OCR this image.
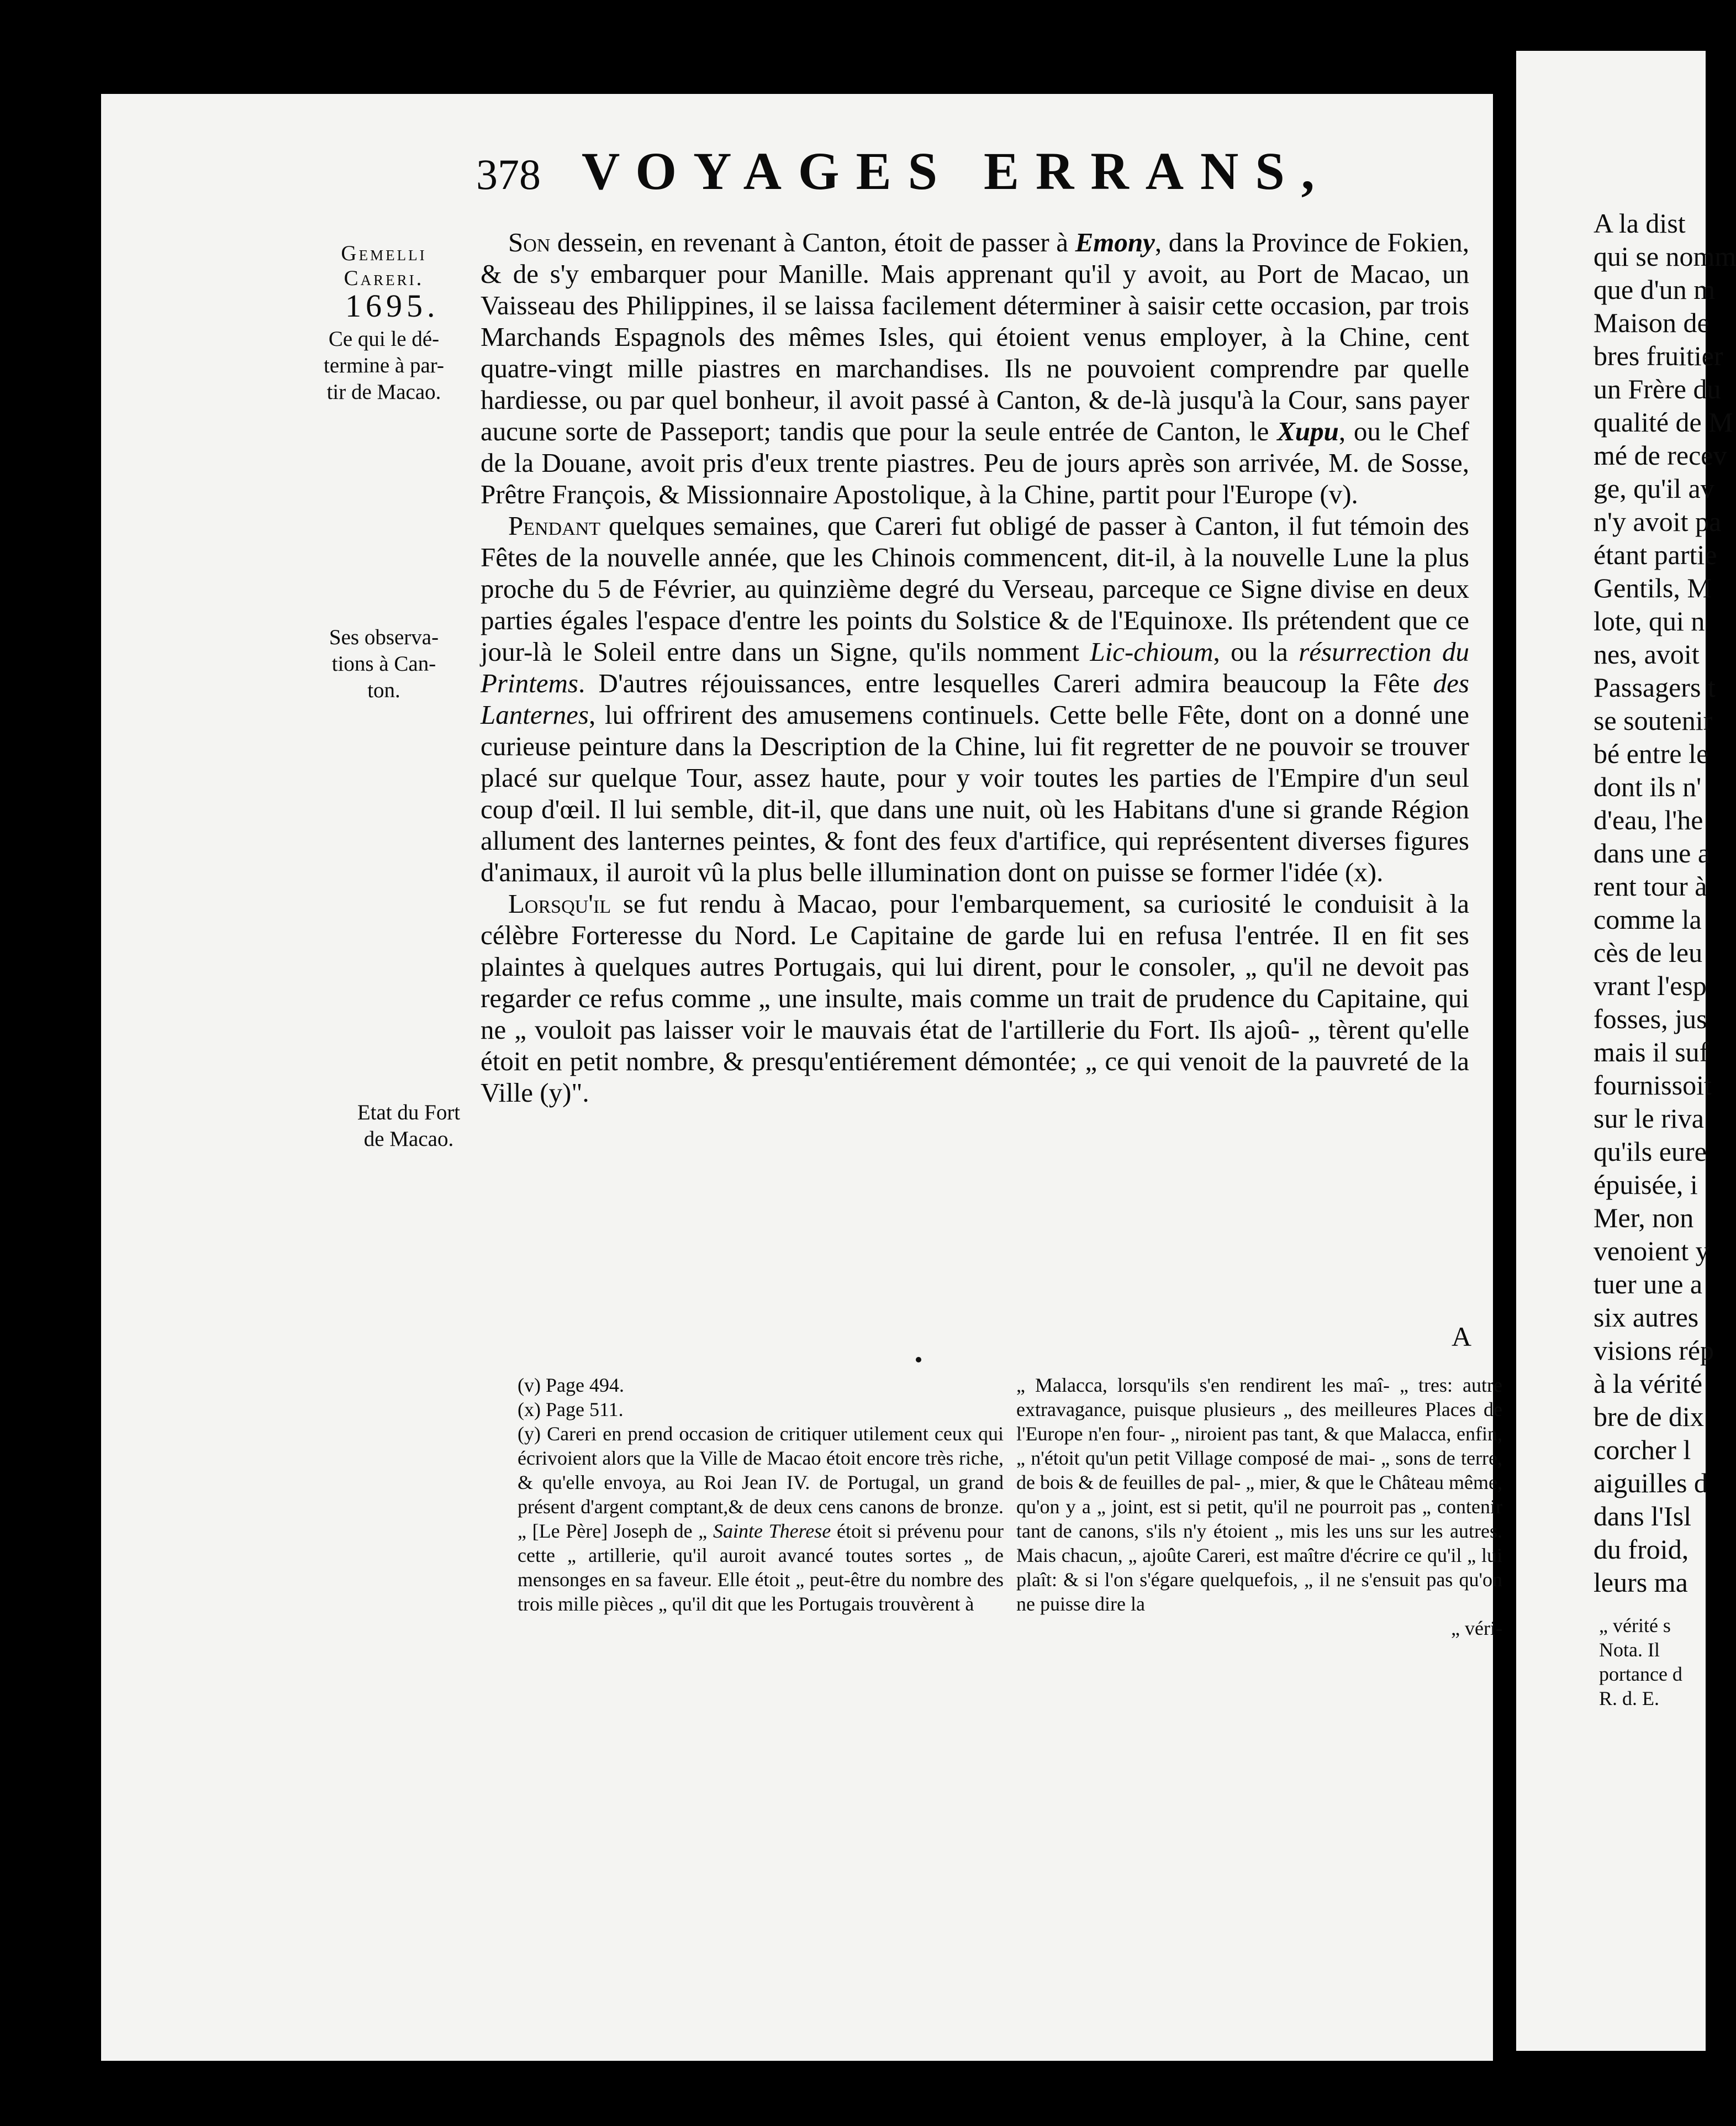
A la dist
qui se nomm
que d'un m
Maison de
bres fruitier
un Frère du
qualité de M
mé de recev
ge, qu'il av
n'y avoit pa
étant partie
Gentils, M
lote, qui n
nes, avoit
Passagers t
se soutenir
bé entre le
dont ils n'
d'eau, l'he
dans une a
rent tour à
comme la
cès de leu
vrant l'esp
fosses, jus
mais il suf
fournissoit
sur le riva
qu'ils eure
épuisée, i
Mer, non
venoient y
tuer une a
six autres
visions rép
à la vérité
bre de dix
corcher l
aiguilles d
dans l'Isl
du froid,
leurs ma
„ vérité s
Nota. Il
portance d
R. d. E.
378 VOYAGES ERRANS,
Gemelli
Careri.
1695.
Ce qui le dé-
termine à par-
tir de Macao.
Ses observa-
tions à Can-
ton.
Etat du Fort
de Macao.

Son dessein, en revenant à Canton, étoit de passer à Emony, dans la Province de Fokien, & de s'y embarquer pour Manille. Mais apprenant qu'il y avoit, au Port de Macao, un Vaisseau des Philippines, il se laissa facilement déterminer à saisir cette occasion, par trois Marchands Espagnols des mêmes Isles, qui étoient venus employer, à la Chine, cent quatre-vingt mille piastres en marchandises. Ils ne pouvoient comprendre par quelle hardiesse, ou par quel bonheur, il avoit passé à Canton, & de-là jusqu'à la Cour, sans payer aucune sorte de Passeport; tandis que pour la seule entrée de Canton, le Xupu, ou le Chef de la Douane, avoit pris d'eux trente piastres. Peu de jours après son arrivée, M. de Sosse, Prêtre François, & Missionnaire Apostolique, à la Chine, partit pour l'Europe (v).

Pendant quelques semaines, que Careri fut obligé de passer à Canton, il fut témoin des Fêtes de la nouvelle année, que les Chinois commencent, dit-il, à la nouvelle Lune la plus proche du 5 de Février, au quinzième degré du Verseau, parceque ce Signe divise en deux parties égales l'espace d'entre les points du Solstice & de l'Equinoxe. Ils prétendent que ce jour-là le Soleil entre dans un Signe, qu'ils nomment Lic-chioum, ou la résurrection du Printems. D'autres réjouissances, entre lesquelles Careri admira beaucoup la Fête des Lanternes, lui offrirent des amusemens continuels. Cette belle Fête, dont on a donné une curieuse peinture dans la Description de la Chine, lui fit regretter de ne pouvoir se trouver placé sur quelque Tour, assez haute, pour y voir toutes les parties de l'Empire d'un seul coup d'œil. Il lui semble, dit-il, que dans une nuit, où les Habitans d'une si grande Région allument des lanternes peintes, & font des feux d'artifice, qui représentent diverses figures d'animaux, il auroit vû la plus belle illumination dont on puisse se former l'idée (x).

Lorsqu'il se fut rendu à Macao, pour l'embarquement, sa curiosité le conduisit à la célèbre Forteresse du Nord. Le Capitaine de garde lui en refusa l'entrée. Il en fit ses plaintes à quelques autres Portugais, qui lui dirent, pour le consoler, „ qu'il ne devoit pas regarder ce refus comme „ une insulte, mais comme un trait de prudence du Capitaine, qui ne „ vouloit pas laisser voir le mauvais état de l'artillerie du Fort. Ils ajoû- „ tèrent qu'elle étoit en petit nombre, & presqu'entiérement démontée; „ ce qui venoit de la pauvreté de la Ville (y)".

A

(v) Page 494.

(x) Page 511.

(y) Careri en prend occasion de critiquer utilement ceux qui écrivoient alors que la Ville de Macao étoit encore très riche, & qu'elle envoya, au Roi Jean IV. de Portugal, un grand présent d'argent comptant,& de deux cens canons de bronze. „ [Le Père] Joseph de „ Sainte Therese étoit si prévenu pour cette „ artillerie, qu'il auroit avancé toutes sortes „ de mensonges en sa faveur. Elle étoit „ peut-être du nombre des trois mille pièces „ qu'il dit que les Portugais trouvèrent à

„ Malacca, lorsqu'ils s'en rendirent les maî- „ tres: autre extravagance, puisque plusieurs „ des meilleures Places de l'Europe n'en four- „ niroient pas tant, & que Malacca, enfin, „ n'étoit qu'un petit Village composé de mai- „ sons de terre, de bois & de feuilles de pal- „ mier, & que le Château même, qu'on y a „ joint, est si petit, qu'il ne pourroit pas „ contenir tant de canons, s'ils n'y étoient „ mis les uns sur les autres. Mais chacun, „ ajoûte Careri, est maître d'écrire ce qu'il „ lui plaît: & si l'on s'égare quelquefois, „ il ne s'ensuit pas qu'on ne puisse dire la

„ véri-
